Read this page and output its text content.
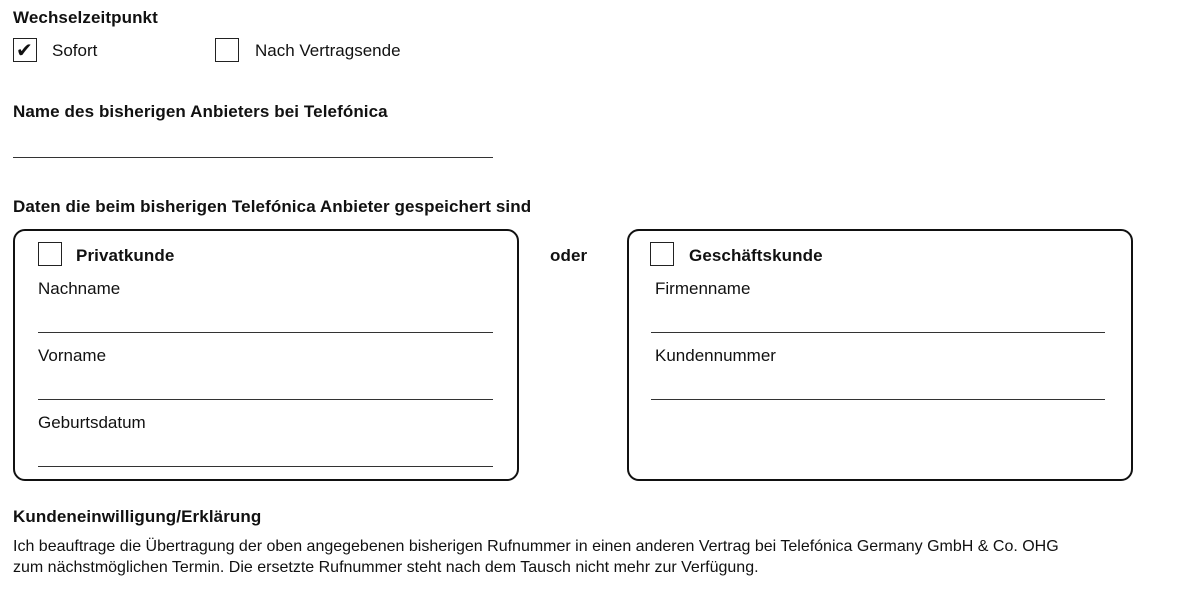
Wechselzeitpunkt
✔ Sofort	Nach Vertragsende
Name des bisherigen Anbieters bei Telefónica
Daten die beim bisherigen Telefónica Anbieter gespeichert sind
Privatkunde
Nachname
Vorname
Geburtsdatum
oder	Geschäftskunde
Firmenname
Kundennummer
Kundeneinwilligung/Erklärung
Ich beauftrage die Übertragung der oben angegebenen bisherigen Rufnummer in einen anderen Vertrag bei Telefónica Germany GmbH & Co. OHG
zum nächstmöglichen Termin. Die ersetzte Rufnummer steht nach dem Tausch nicht mehr zur Verfügung.
